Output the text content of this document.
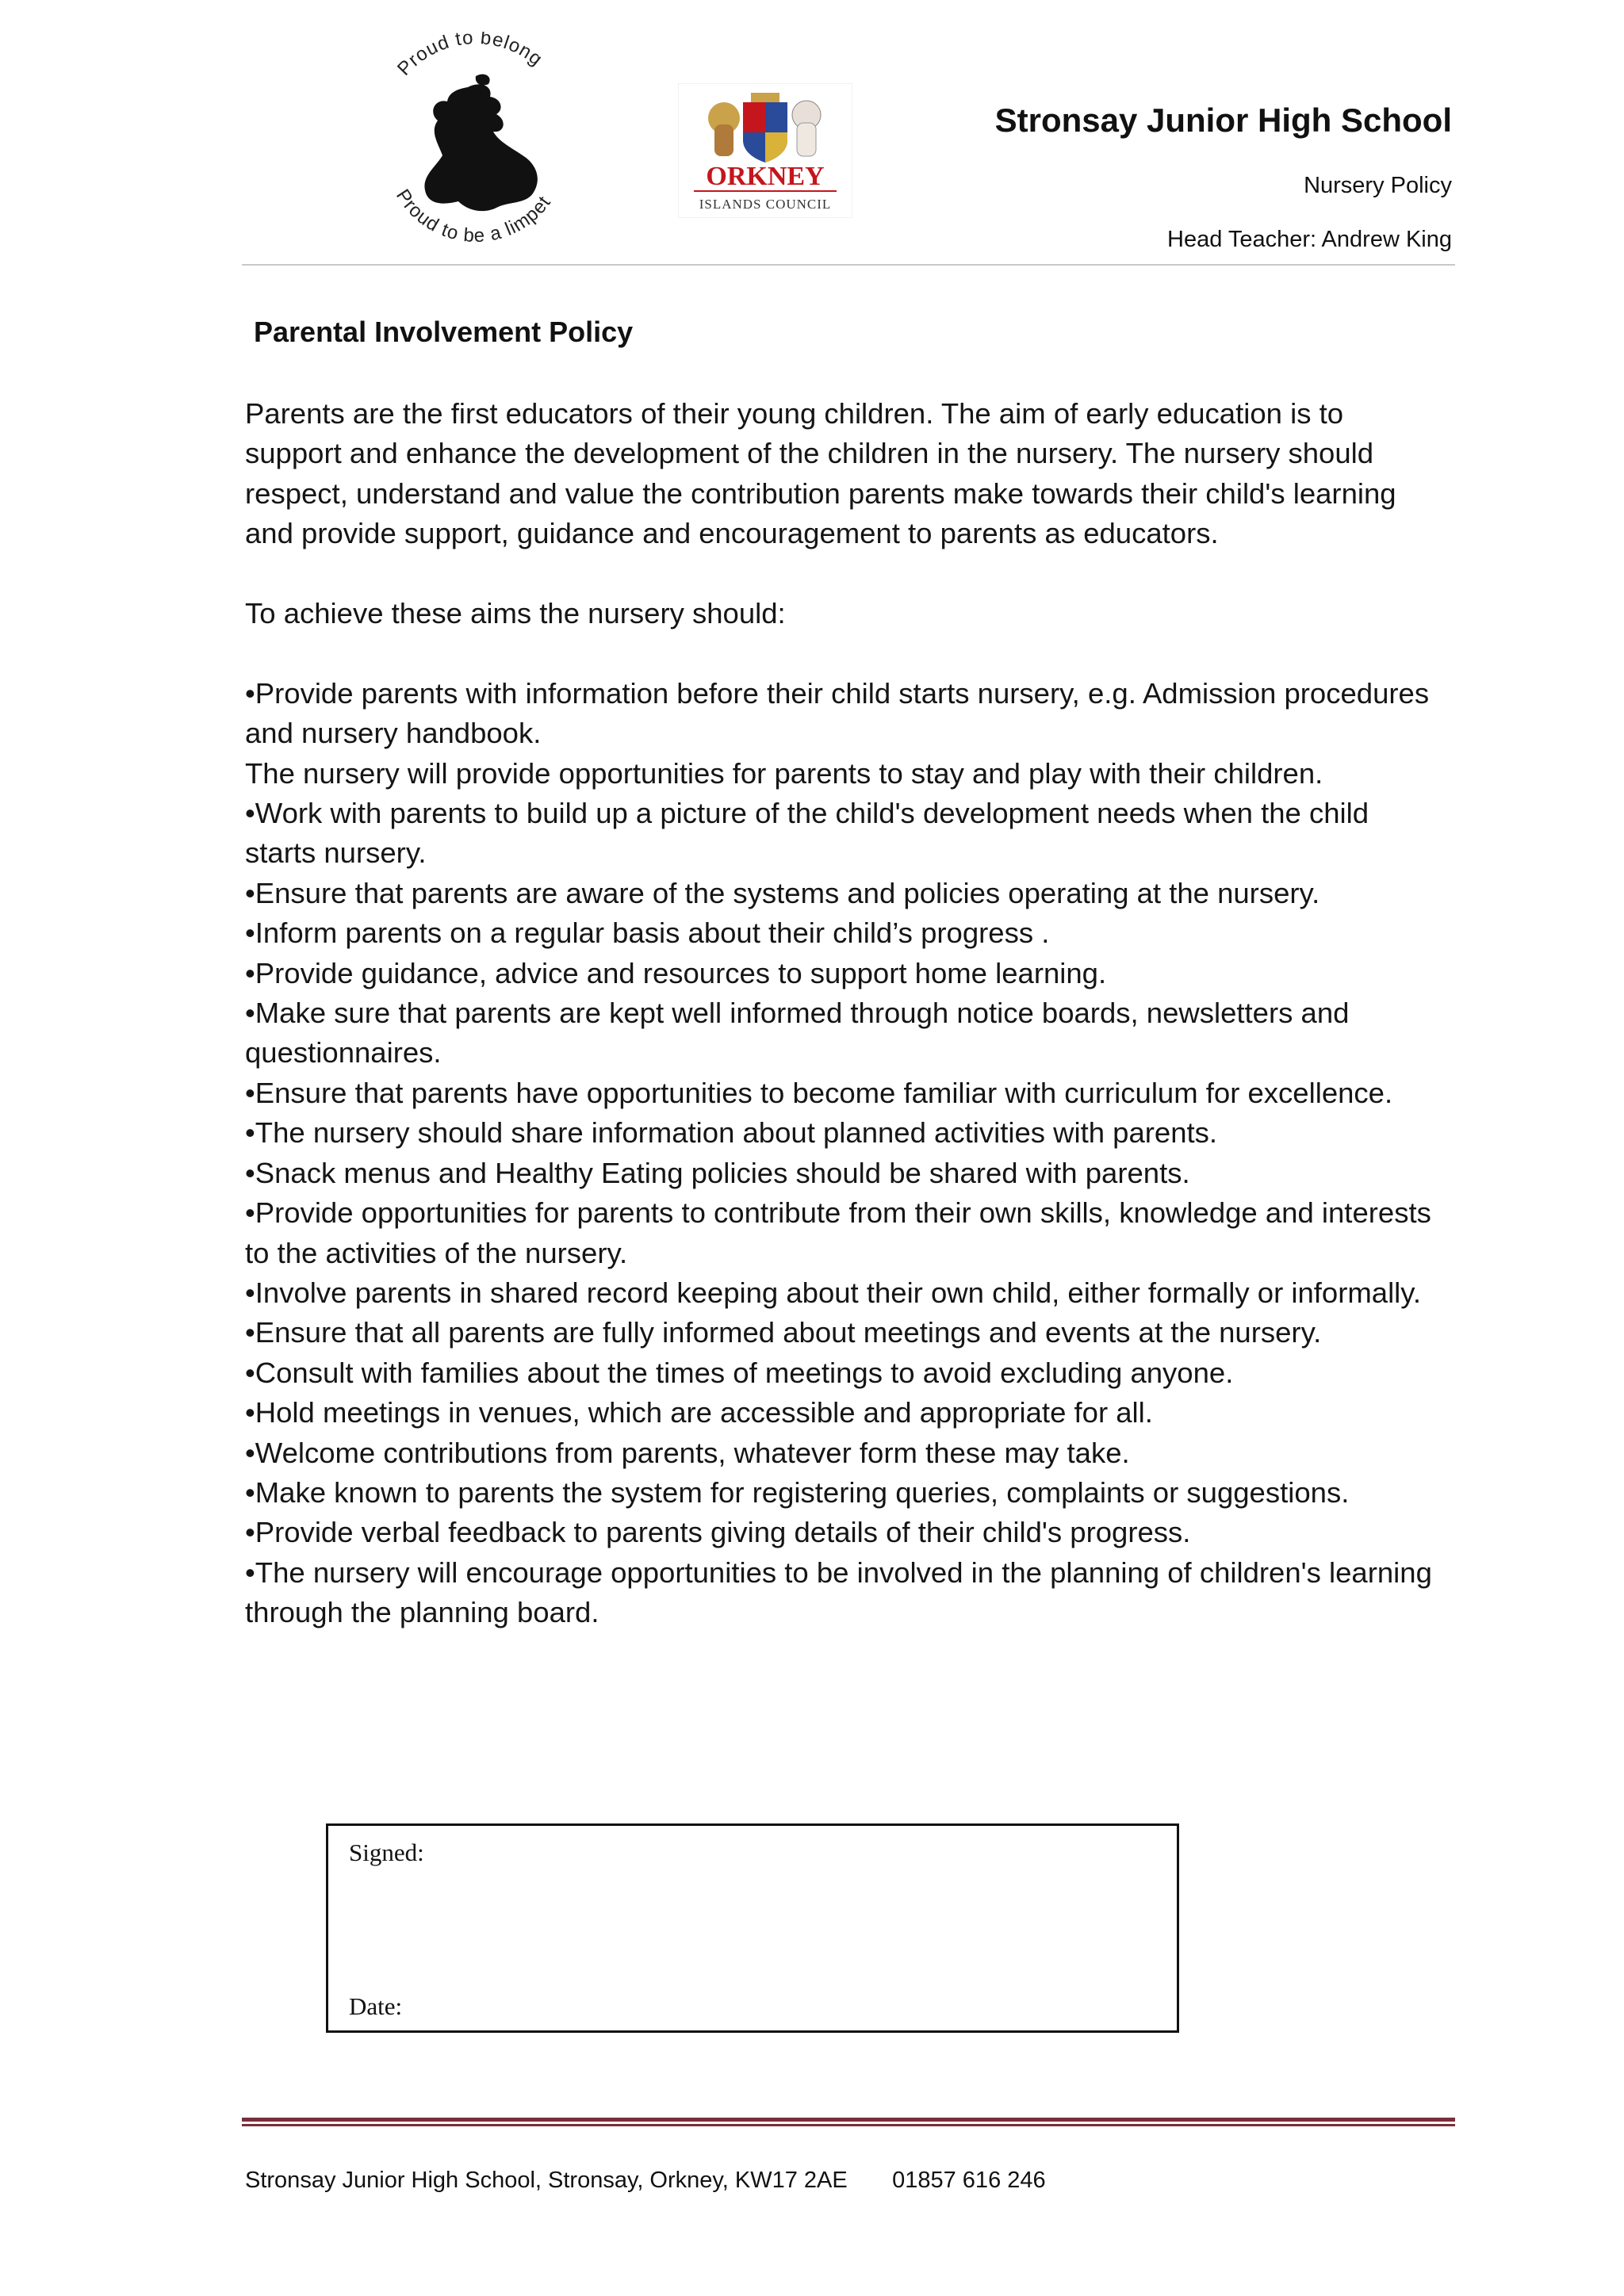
Proud to belong
Proud to be a limpet
ORKNEY
ISLANDS COUNCIL
Stronsay Junior High School
Nursery Policy
Head Teacher: Andrew King
Parental Involvement Policy

Parents are the first educators of their young children. The aim of early education is to support and enhance the development of the children in the nursery. The nursery should respect, understand and value the contribution parents make towards their child's learning and provide support, guidance and encouragement to parents as educators.

To achieve these aims the nursery should:

•Provide parents with information before their child starts nursery, e.g. Admission procedures and nursery handbook.

The nursery will provide opportunities for parents to stay and play with their children.

•Work with parents to build up a picture of the child's development needs when the child starts nursery.

•Ensure that parents are aware of the systems and policies operating at the nursery.

•Inform parents on a regular basis about their child’s progress .

•Provide guidance, advice and resources to support home learning.

•Make sure that parents are kept well informed through notice boards, newsletters and questionnaires.

•Ensure that parents have opportunities to become familiar with curriculum for excellence.

•The nursery should share information about planned activities with parents.

•Snack menus and Healthy Eating policies should be shared with parents.

•Provide opportunities for parents to contribute from their own skills, knowledge and interests to the activities of the nursery.

•Involve parents in shared record keeping about their own child, either formally or informally.

•Ensure that all parents are fully informed about meetings and events at the nursery.

•Consult with families about the times of meetings to avoid excluding anyone.

•Hold meetings in venues, which are accessible and appropriate for all.

•Welcome contributions from parents, whatever form these may take.

•Make known to parents the system for registering queries, complaints or suggestions.

•Provide verbal feedback to parents giving details of their child's progress.

•The nursery will encourage opportunities to be involved in the planning of children's learning through the planning board.

Signed:
Date:
Stronsay Junior High School, Stronsay, Orkney, KW17 2AE       01857 616 246
